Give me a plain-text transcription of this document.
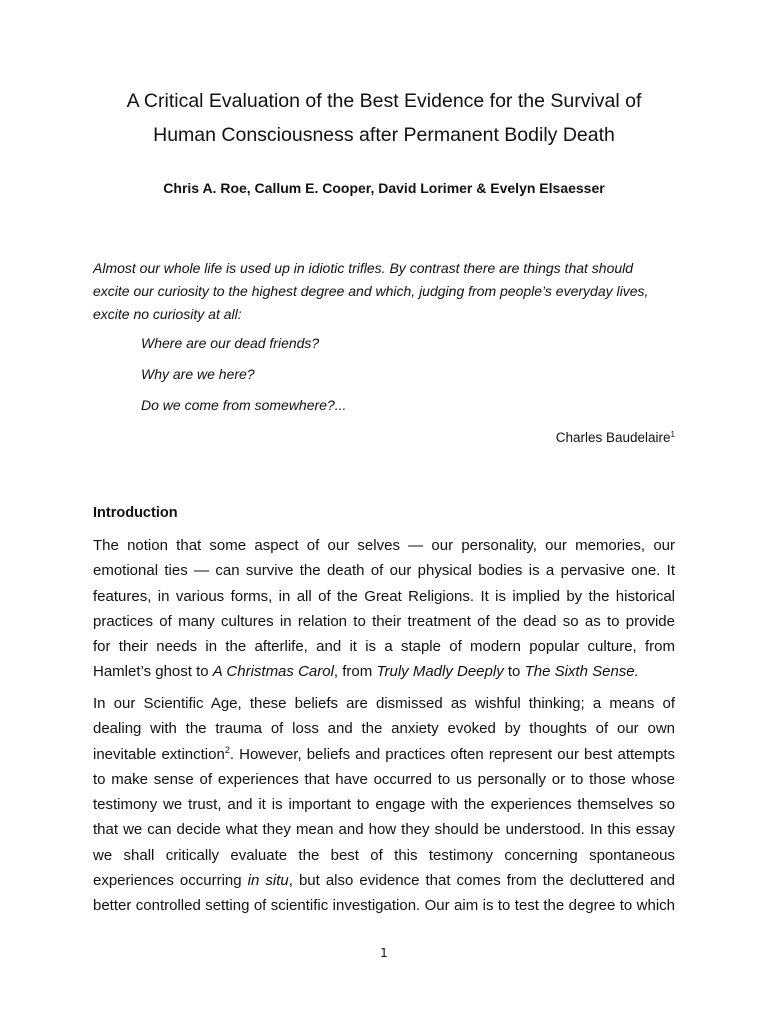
A Critical Evaluation of the Best Evidence for the Survival of
Human Consciousness after Permanent Bodily Death
Chris A. Roe, Callum E. Cooper, David Lorimer & Evelyn Elsaesser
Almost our whole life is used up in idiotic trifles. By contrast there are things that should
excite our curiosity to the highest degree and which, judging from people’s everyday lives,
excite no curiosity at all:
Where are our dead friends?
Why are we here?
Do we come from somewhere?...
Charles Baudelaire$^1$
Introduction
The notion that some aspect of our selves — our personality, our memories, our
emotional ties — can survive the death of our physical bodies is a pervasive one. It
features, in various forms, in all of the Great Religions. It is implied by the historical
practices of many cultures in relation to their treatment of the dead so as to provide
for their needs in the afterlife, and it is a staple of modern popular culture, from
Hamlet’s ghost to A Christmas Carol, from Truly Madly Deeply to The Sixth Sense.
In our Scientific Age, these beliefs are dismissed as wishful thinking; a means of
dealing with the trauma of loss and the anxiety evoked by thoughts of our own
inevitable extinction$^2$. However, beliefs and practices often represent our best attempts
to make sense of experiences that have occurred to us personally or to those whose
testimony we trust, and it is important to engage with the experiences themselves so
that we can decide what they mean and how they should be understood. In this essay
we shall critically evaluate the best of this testimony concerning spontaneous
experiences occurring in situ, but also evidence that comes from the decluttered and
better controlled setting of scientific investigation. Our aim is to test the degree to which
1
